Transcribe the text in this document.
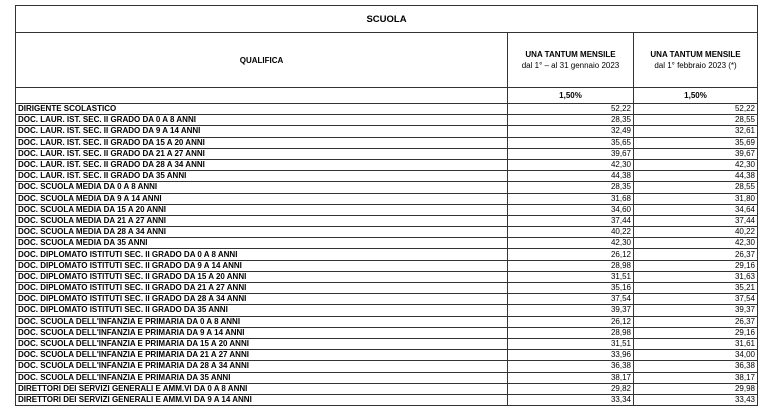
SCUOLA		
QUALIFICA	
UNA TANTUM MENSILE
dal 1° – al 31 gennaio 2023

UNA TANTUM MENSILE
dal 1° febbraio 2023 (*)

	1,50%	1,50%
DIRIGENTE SCOLASTICO	52,22	52,22
DOC. LAUR. IST. SEC. II GRADO DA 0 A 8 ANNI	28,35	28,55
DOC. LAUR. IST. SEC. II GRADO DA 9 A 14 ANNI	32,49	32,61
DOC. LAUR. IST. SEC. II GRADO DA 15 A 20 ANNI	35,65	35,69
DOC. LAUR. IST. SEC. II GRADO DA 21 A 27 ANNI	39,67	39,67
DOC. LAUR. IST. SEC. II GRADO DA 28 A 34 ANNI	42,30	42,30
DOC. LAUR. IST. SEC. II GRADO DA 35 ANNI	44,38	44,38
DOC. SCUOLA MEDIA DA 0 A 8 ANNI	28,35	28,55
DOC. SCUOLA MEDIA DA 9 A 14 ANNI	31,68	31,80
DOC. SCUOLA MEDIA DA 15 A 20 ANNI	34,60	34,64
DOC. SCUOLA MEDIA DA 21 A 27 ANNI	37,44	37,44
DOC. SCUOLA MEDIA DA 28 A 34 ANNI	40,22	40,22
DOC. SCUOLA MEDIA DA 35 ANNI	42,30	42,30
DOC. DIPLOMATO ISTITUTI SEC. II GRADO DA 0 A 8 ANNI	26,12	26,37
DOC. DIPLOMATO ISTITUTI SEC. II GRADO DA 9 A 14 ANNI	28,98	29,16
DOC. DIPLOMATO ISTITUTI SEC. II GRADO DA 15 A 20 ANNI	31,51	31,63
DOC. DIPLOMATO ISTITUTI SEC. II GRADO DA 21 A 27 ANNI	35,16	35,21
DOC. DIPLOMATO ISTITUTI SEC. II GRADO DA 28 A 34 ANNI	37,54	37,54
DOC. DIPLOMATO ISTITUTI SEC. II GRADO DA 35 ANNI	39,37	39,37
DOC. SCUOLA DELL'INFANZIA E PRIMARIA DA 0 A 8 ANNI	26,12	26,37
DOC. SCUOLA DELL'INFANZIA E PRIMARIA DA 9 A 14 ANNI	28,98	29,16
DOC. SCUOLA DELL'INFANZIA E PRIMARIA DA 15 A 20 ANNI	31,51	31,61
DOC. SCUOLA DELL'INFANZIA E PRIMARIA DA 21 A 27 ANNI	33,96	34,00
DOC. SCUOLA DELL'INFANZIA E PRIMARIA DA 28 A 34 ANNI	36,38	36,38
DOC. SCUOLA DELL'INFANZIA E PRIMARIA DA 35 ANNI	38,17	38,17
DIRETTORI DEI SERVIZI GENERALI E AMM.VI DA 0 A 8 ANNI	29,82	29,98
DIRETTORI DEI SERVIZI GENERALI E AMM.VI DA 9 A 14 ANNI	33,34	33,43
